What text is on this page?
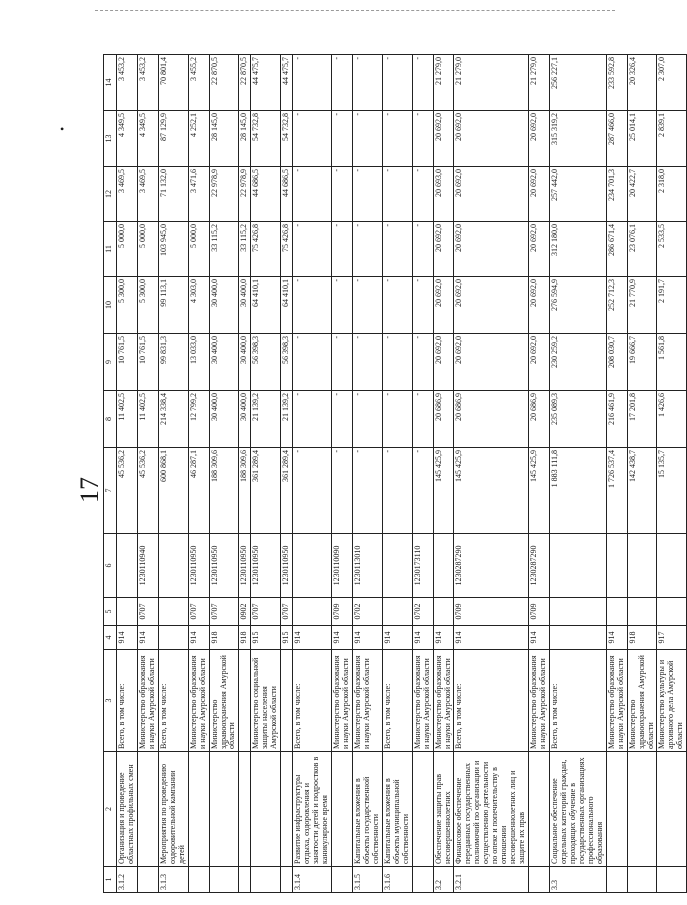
•
17
1	2	3	4	5	6	7	8	9	10	11	12	13	14
3.1.2	Организация и проведение областных профильных смен	Всего, в том числе:	914			45 536,2	11 402,5	10 761,5	5 300,0	5 000,0	3 469,5	4 349,5	3 453,2
		Министерство образования и науки Амурской области	914	0707	1230110940	45 536,2	11 402,5	10 761,5	5 300,0	5 000,0	3 469,5	4 349,5	3 453,2
3.1.3	Мероприятия по проведению оздоровительной кампании детей	Всего, в том числе:				600 868,1	214 338,4	99 831,3	99 113,1	103 945,0	71 132,0	87 129,9	70 801,4
		Министерство образования и науки Амурской области	914	0707	1230110950	46 287,1	12 799,2	13 033,0	4 303,0	5 000,0	3 471,6	4 252,1	3 455,2
		Министерство здравоохранения Амурской области	918	0707	1230110950	188 309,6	30 400,0	30 400,0	30 400,0	33 115,2	22 978,9	28 145,0	22 870,5
			918	0902	1230110950	188 309,6	30 400,0	30 400,0	30 400,0	33 115,2	22 978,9	28 145,0	22 870,5
		Министерство социальной защиты населения Амурской области	915	0707	1230110950	361 289,4	21 139,2	56 398,3	64 410,1	75 426,8	44 686,5	54 732,8	44 475,7
			915	0707	1230110950	361 289,4	21 139,2	56 398,3	64 410,1	75 426,8	44 686,5	54 732,8	44 475,7
3.1.4	Развитие инфраструктуры отдыха, оздоровления и занятости детей и подростков в каникулярное время	Всего, в том числе:	914			-	-	-	-	-	-	-	-
		Министерство образования и науки Амурской области	914	0709	1230110090	-	-	-	-	-	-	-	-
3.1.5	Капитальные вложения в объекты государственной собственности	Министерство образования и науки Амурской области	914	0702	1230113010	-	-	-	-	-	-	-	-
3.1.6	Капитальные вложения в объекты муниципальной собственности	Всего, в том числе:	914			-	-	-	-	-	-	-	-
		Министерство образования и науки Амурской области	914	0702	1230173110	-	-	-	-	-	-	-	-
3.2	Обеспечение защиты прав несовершеннолетних	Министерство образования и науки Амурской области	914			145 425,9	20 686,9	20 692,0	20 692,0	20 692,0	20 693,0	20 692,0	21 279,0
3.2.1	Финансовое обеспечение переданных государственных полномочий по организации и осуществлению деятельности по опеке и попечительству в отношении несовершеннолетних лиц и защите их прав	Всего, в том числе:	914	0709	1230287290	145 425,9	20 686,9	20 692,0	20 692,0	20 692,0	20 692,0	20 692,0	21 279,0
		Министерство образования и науки Амурской области	914	0709	1230287290	145 425,9	20 686,9	20 692,0	20 692,0	20 692,0	20 692,0	20 692,0	21 279,0
3.3	Социальное обеспечение отдельных категорий граждан, проходящих обучение в государственных организациях профессионального образования	Всего, в том числе:				1 883 111,8	235 089,3	230 259,2	276 594,9	312 180,0	257 442,0	315 319,2	256 227,1
		Министерство образования и науки Амурской области	914			1 726 537,4	216 461,9	208 030,7	252 712,3	286 671,4	234 701,3	287 466,0	233 592,8
		Министерство здравоохранения Амурской области	918			142 438,7	17 201,8	19 666,7	21 770,9	23 076,1	20 422,7	25 014,1	20 326,4
		Министерство культуры и архивного дела Амурской области	917			15 135,7	1 426,6	1 561,8	2 191,7	2 533,5	2 318,0	2 839,1	2 307,0
